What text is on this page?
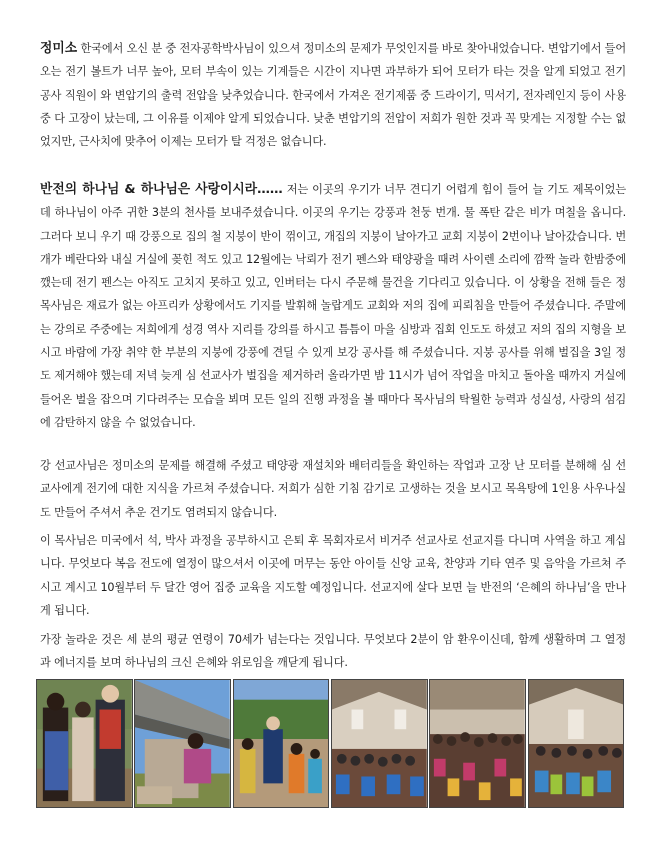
정미소 한국에서 오신 분 중 전자공학박사님이 있으셔 정미소의 문제가 무엇인지를 바로 찾아내었습니다. 변압기에서 들어오는 전기 볼트가 너무 높아, 모터 부속이 있는 기계들은 시간이 지나면 과부하가 되어 모터가 타는 것을 알게 되었고 전기공사 직원이 와 변압기의 출력 전압을 낮추었습니다. 한국에서 가져온 전기제품 중 드라이기, 믹서기, 전자레인지 등이 사용 중 다 고장이 났는데, 그 이유를 이제야 알게 되었습니다. 낮춘 변압기의 전압이 저희가 원한 것과 꼭 맞게는 지정할 수는 없었지만, 근사치에 맞추어 이제는 모터가 탈 걱정은 없습니다.

반전의 하나님 & 하나님은 사랑이시라…… 저는 이곳의 우기가 너무 견디기 어렵게 힘이 들어 늘 기도 제목이었는데 하나님이 아주 귀한 3분의 천사를 보내주셨습니다. 이곳의 우기는 강풍과 천둥 번개. 물 폭탄 같은 비가 며칠을 옵니다. 그러다 보니 우기 때 강풍으로 집의 철 지붕이 반이 꺾이고, 개집의 지붕이 날아가고 교회 지붕이 2번이나 날아갔습니다. 번개가 베란다와 내실 거실에 꽂힌 적도 있고 12월에는 낙뢰가 전기 펜스와 태양광을 때려 사이렌 소리에 깜짝 놀라 한밤중에 깼는데 전기 펜스는 아직도 고치지 못하고 있고, 인버터는 다시 주문해 물건을 기다리고 있습니다. 이 상황을 전해 들은 정 목사님은 재료가 없는 아프리카 상황에서도 기지를 발휘해 놀랍게도 교회와 저의 집에 피뢰침을 만들어 주셨습니다. 주말에는 강의로 주중에는 저희에게 성경 역사 지리를 강의를 하시고 틈틈이 마을 심방과 집회 인도도 하셨고 저의 집의 지형을 보시고 바람에 가장 취약 한 부분의 지붕에 강풍에 견딜 수 있게 보강 공사를 해 주셨습니다. 지붕 공사를 위해 벌집을 3일 정도 제거해야 했는데 저녁 늦게 심 선교사가 벌집을 제거하러 올라가면 밤 11시가 넘어 작업을 마치고 돌아올 때까지 거실에 들어온 벌을 잡으며 기다려주는 모습을 뵈며 모든 일의 진행 과정을 볼 때마다 목사님의 탁월한 능력과 성실성, 사랑의 섬김에 감탄하지 않을 수 없었습니다.

강 선교사님은 정미소의 문제를 해결해 주셨고 태양광 재설치와 배터리들을 확인하는 작업과 고장 난 모터를 분해해 심 선교사에게 전기에 대한 지식을 가르쳐 주셨습니다. 저희가 심한 기침 감기로 고생하는 것을 보시고 목욕탕에 1인용 사우나실도 만들어 주셔서 추운 건기도 염려되지 않습니다.

이 목사님은 미국에서 석, 박사 과정을 공부하시고 은퇴 후 목회자로서 비거주 선교사로 선교지를 다니며 사역을 하고 계십니다. 무엇보다 복음 전도에 열정이 많으셔서 이곳에 머무는 동안 아이들 신앙 교육, 찬양과 기타 연주 및 음악을 가르쳐 주시고 계시고 10월부터 두 달간 영어 집중 교육을 지도할 예정입니다. 선교지에 살다 보면 늘 반전의 ‘은혜의 하나님’을 만나게 됩니다.

가장 놀라운 것은 세 분의 평균 연령이 70세가 넘는다는 것입니다. 무엇보다 2분이 암 환우이신데, 함께 생활하며 그 열정과 에너지를 보며 하나님의 크신 은혜와 위로임을 깨닫게 됩니다.
